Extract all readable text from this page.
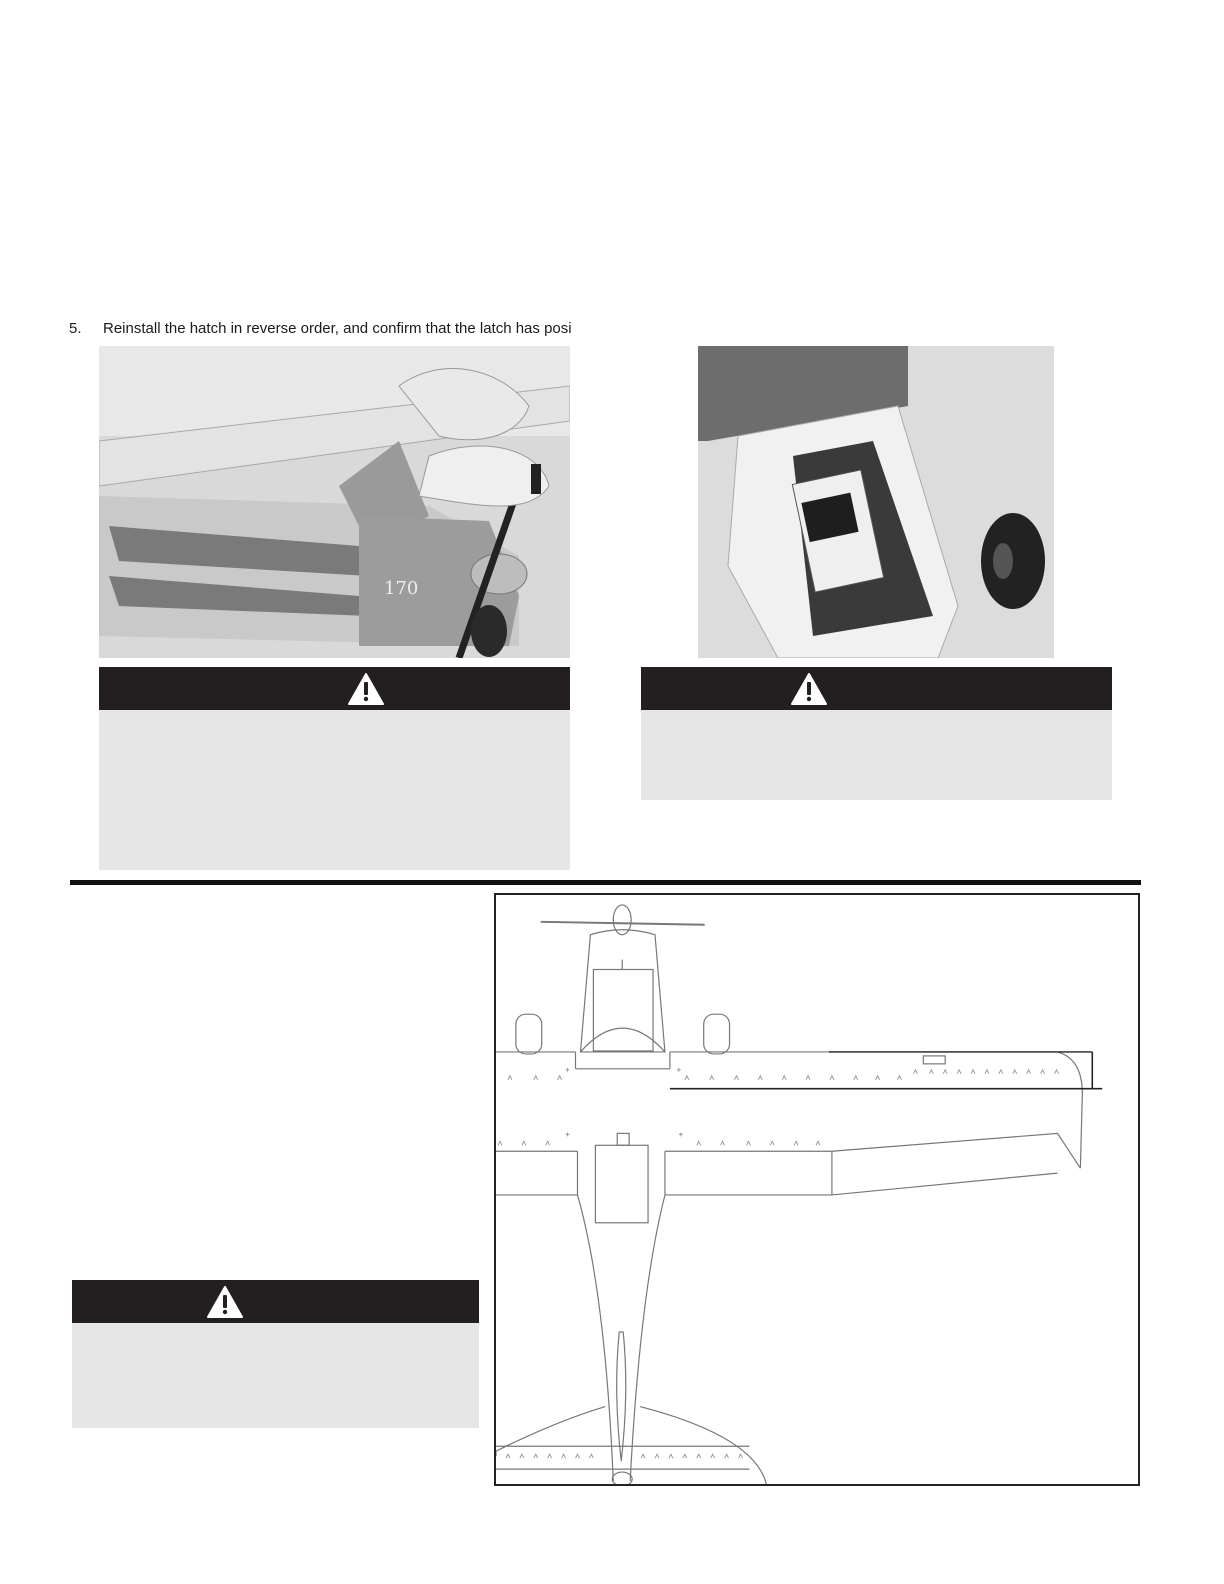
5. Reinstall the hatch in reverse order, and confirm that the latch has posi
170
